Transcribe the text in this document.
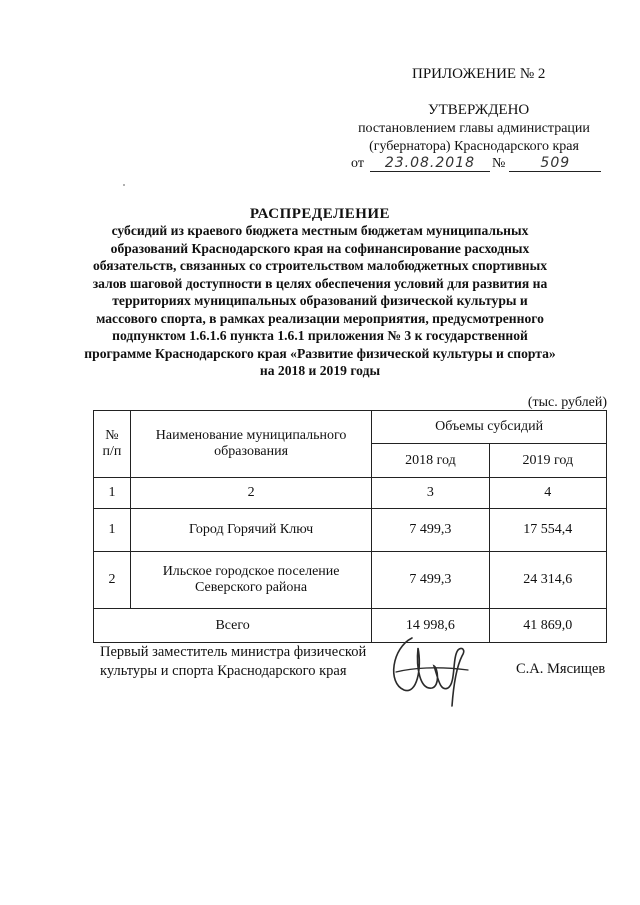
ПРИЛОЖЕНИЕ № 2
УТВЕРЖДЕНО
постановлением главы администрации
(губернатора) Краснодарского края
от	23.08.2018	№	509
РАСПРЕДЕЛЕНИЕ
субсидий из краевого бюджета местным бюджетам муниципальных образований Краснодарского края на софинансирование расходных обязательств, связанных со строительством малобюджетных спортивных залов шаговой доступности в целях обеспечения условий для развития на территориях муниципальных образований физической культуры и массового спорта, в рамках реализации мероприятия, предусмотренного подпунктом 1.6.1.6 пункта 1.6.1 приложения № 3 к государственной программе Краснодарского края «Развитие физической культуры и спорта» на 2018 и 2019 годы
(тыс. рублей)
№ п/п	Наименование муниципального образования	Объемы субсидий	
		2018 год	2019 год
1	2	3	4
1	Город Горячий Ключ	7 499,3	17 554,4
2	Ильское городское поселение Северского района	7 499,3	24 314,6
Всего		14 998,6	41 869,0
Первый заместитель министра физической
культуры и спорта Краснодарского края	С.А. Мясищев
